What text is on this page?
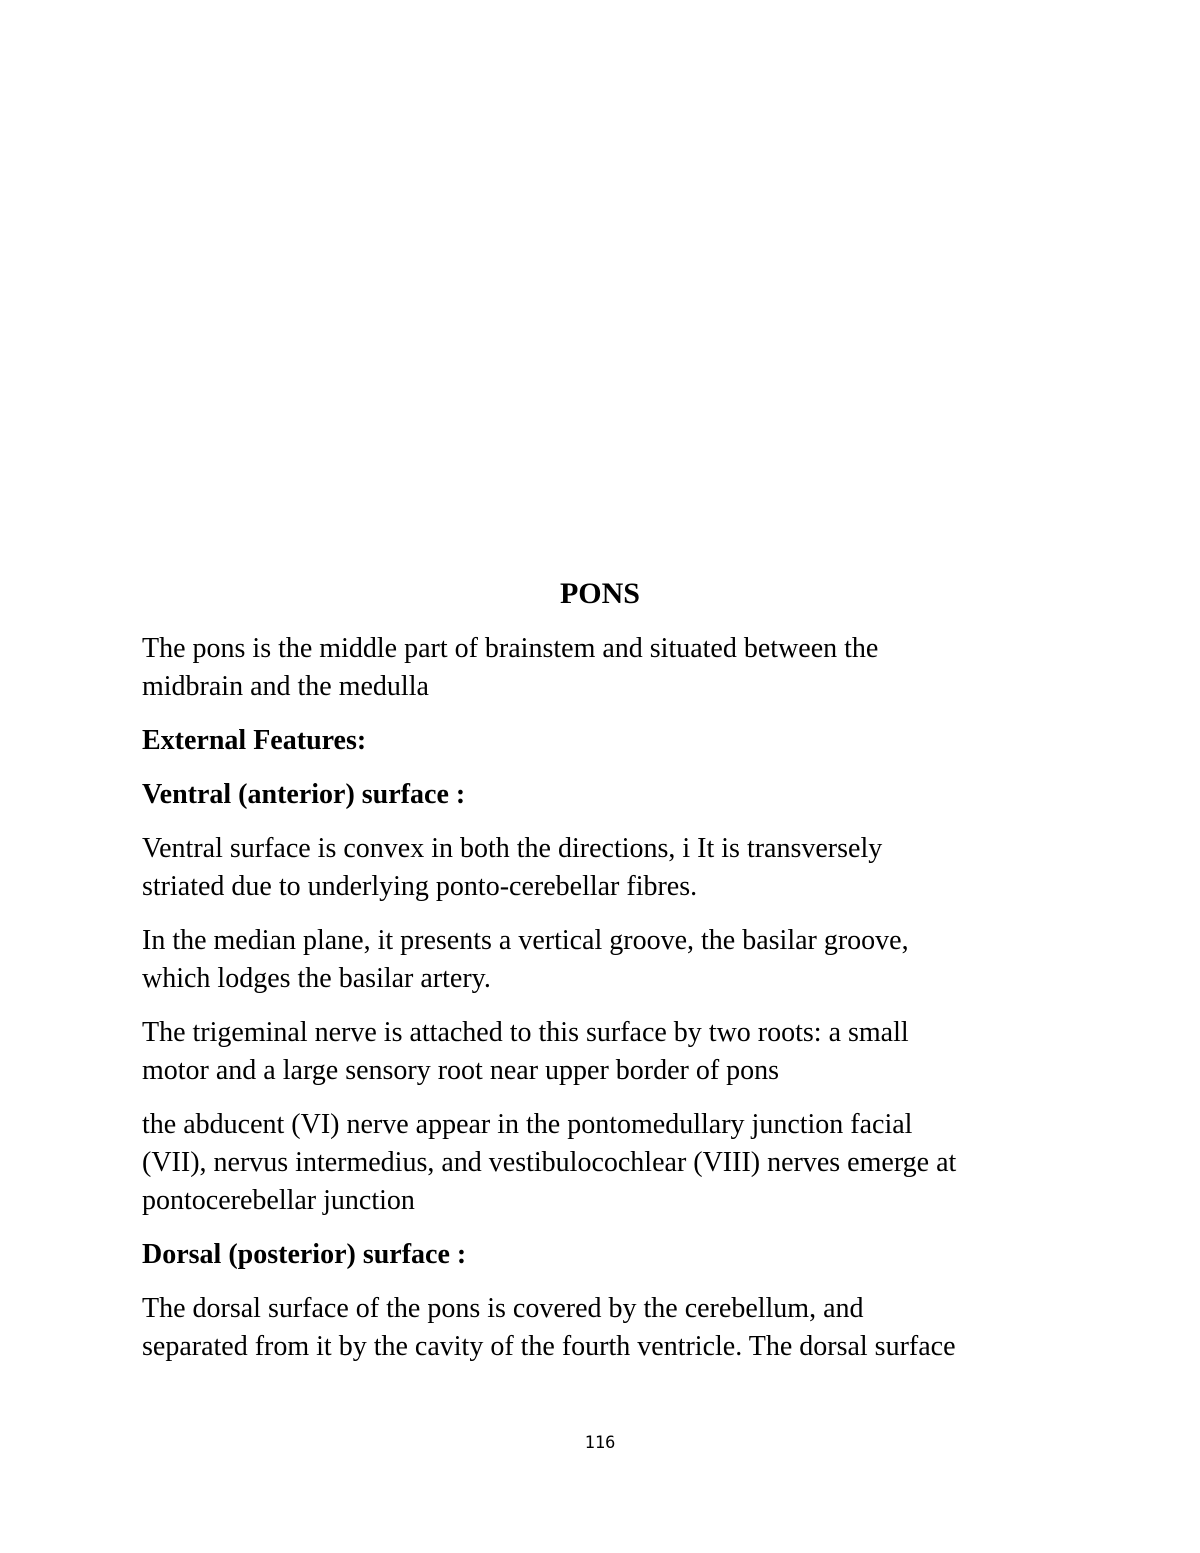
PONS
The pons is the middle part of brainstem and situated between the
midbrain and the medulla
External Features:
Ventral (anterior) surface :
Ventral surface is convex in both the directions, i It is transversely
striated due to underlying ponto-cerebellar fibres.
In the median plane, it presents a vertical groove, the basilar groove,
which lodges the basilar artery.
The trigeminal nerve is attached to this surface by two roots: a small
motor and a large sensory root near upper border of pons
the abducent (VI) nerve appear in the pontomedullary junction facial
(VII), nervus intermedius, and vestibulocochlear (VIII) nerves emerge at
pontocerebellar junction
Dorsal (posterior) surface :
The dorsal surface of the pons is covered by the cerebellum, and
separated from it by the cavity of the fourth ventricle. The dorsal surface
116
